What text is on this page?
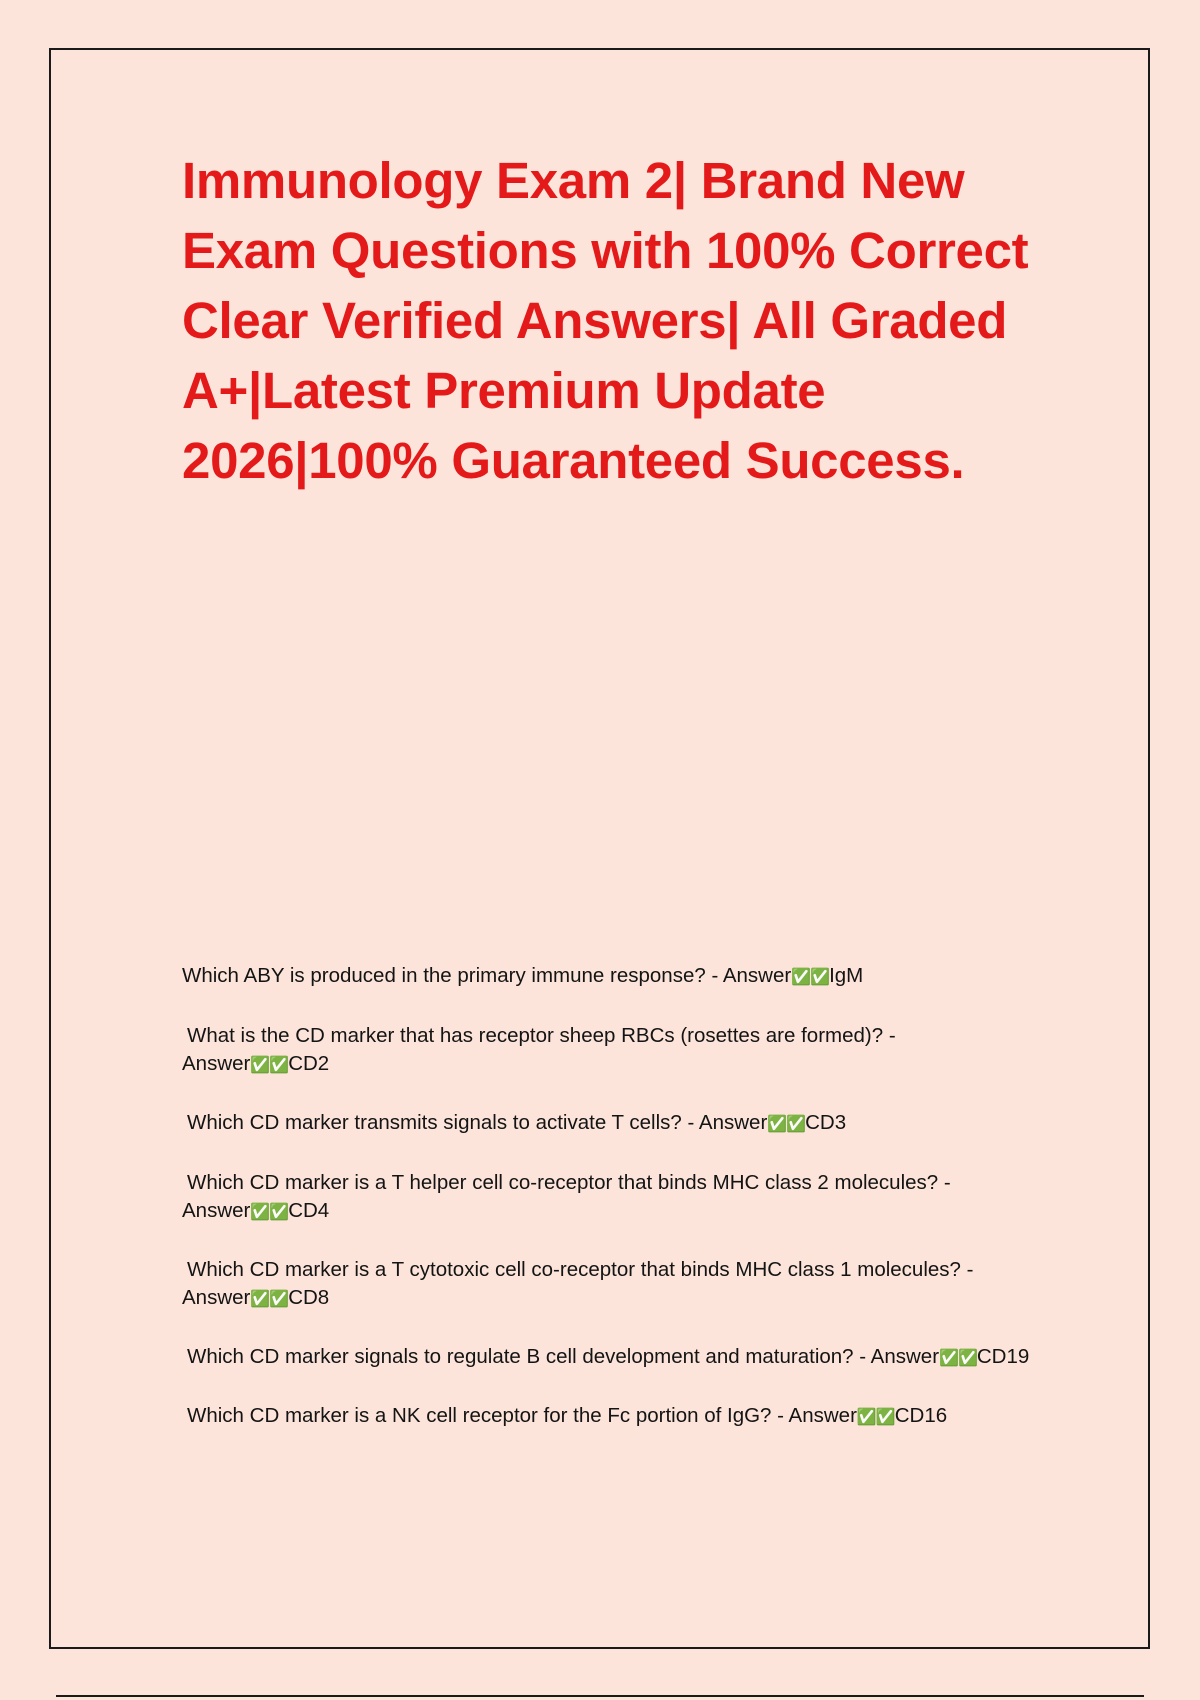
Immunology Exam 2| Brand New Exam Questions with 100% Correct Clear Verified Answers| All Graded A+|Latest Premium Update 2026|100% Guaranteed Success.
Which ABY is produced in the primary immune response? - Answer✅✅IgM
What is the CD marker that has receptor sheep RBCs (rosettes are formed)? - Answer✅✅CD2
Which CD marker transmits signals to activate T cells? - Answer✅✅CD3
Which CD marker is a T helper cell co-receptor that binds MHC class 2 molecules? - Answer✅✅CD4
Which CD marker is a T cytotoxic cell co-receptor that binds MHC class 1 molecules? - Answer✅✅CD8
Which CD marker signals to regulate B cell development and maturation? - Answer✅✅CD19
Which CD marker is a NK cell receptor for the Fc portion of IgG? - Answer✅✅CD16
